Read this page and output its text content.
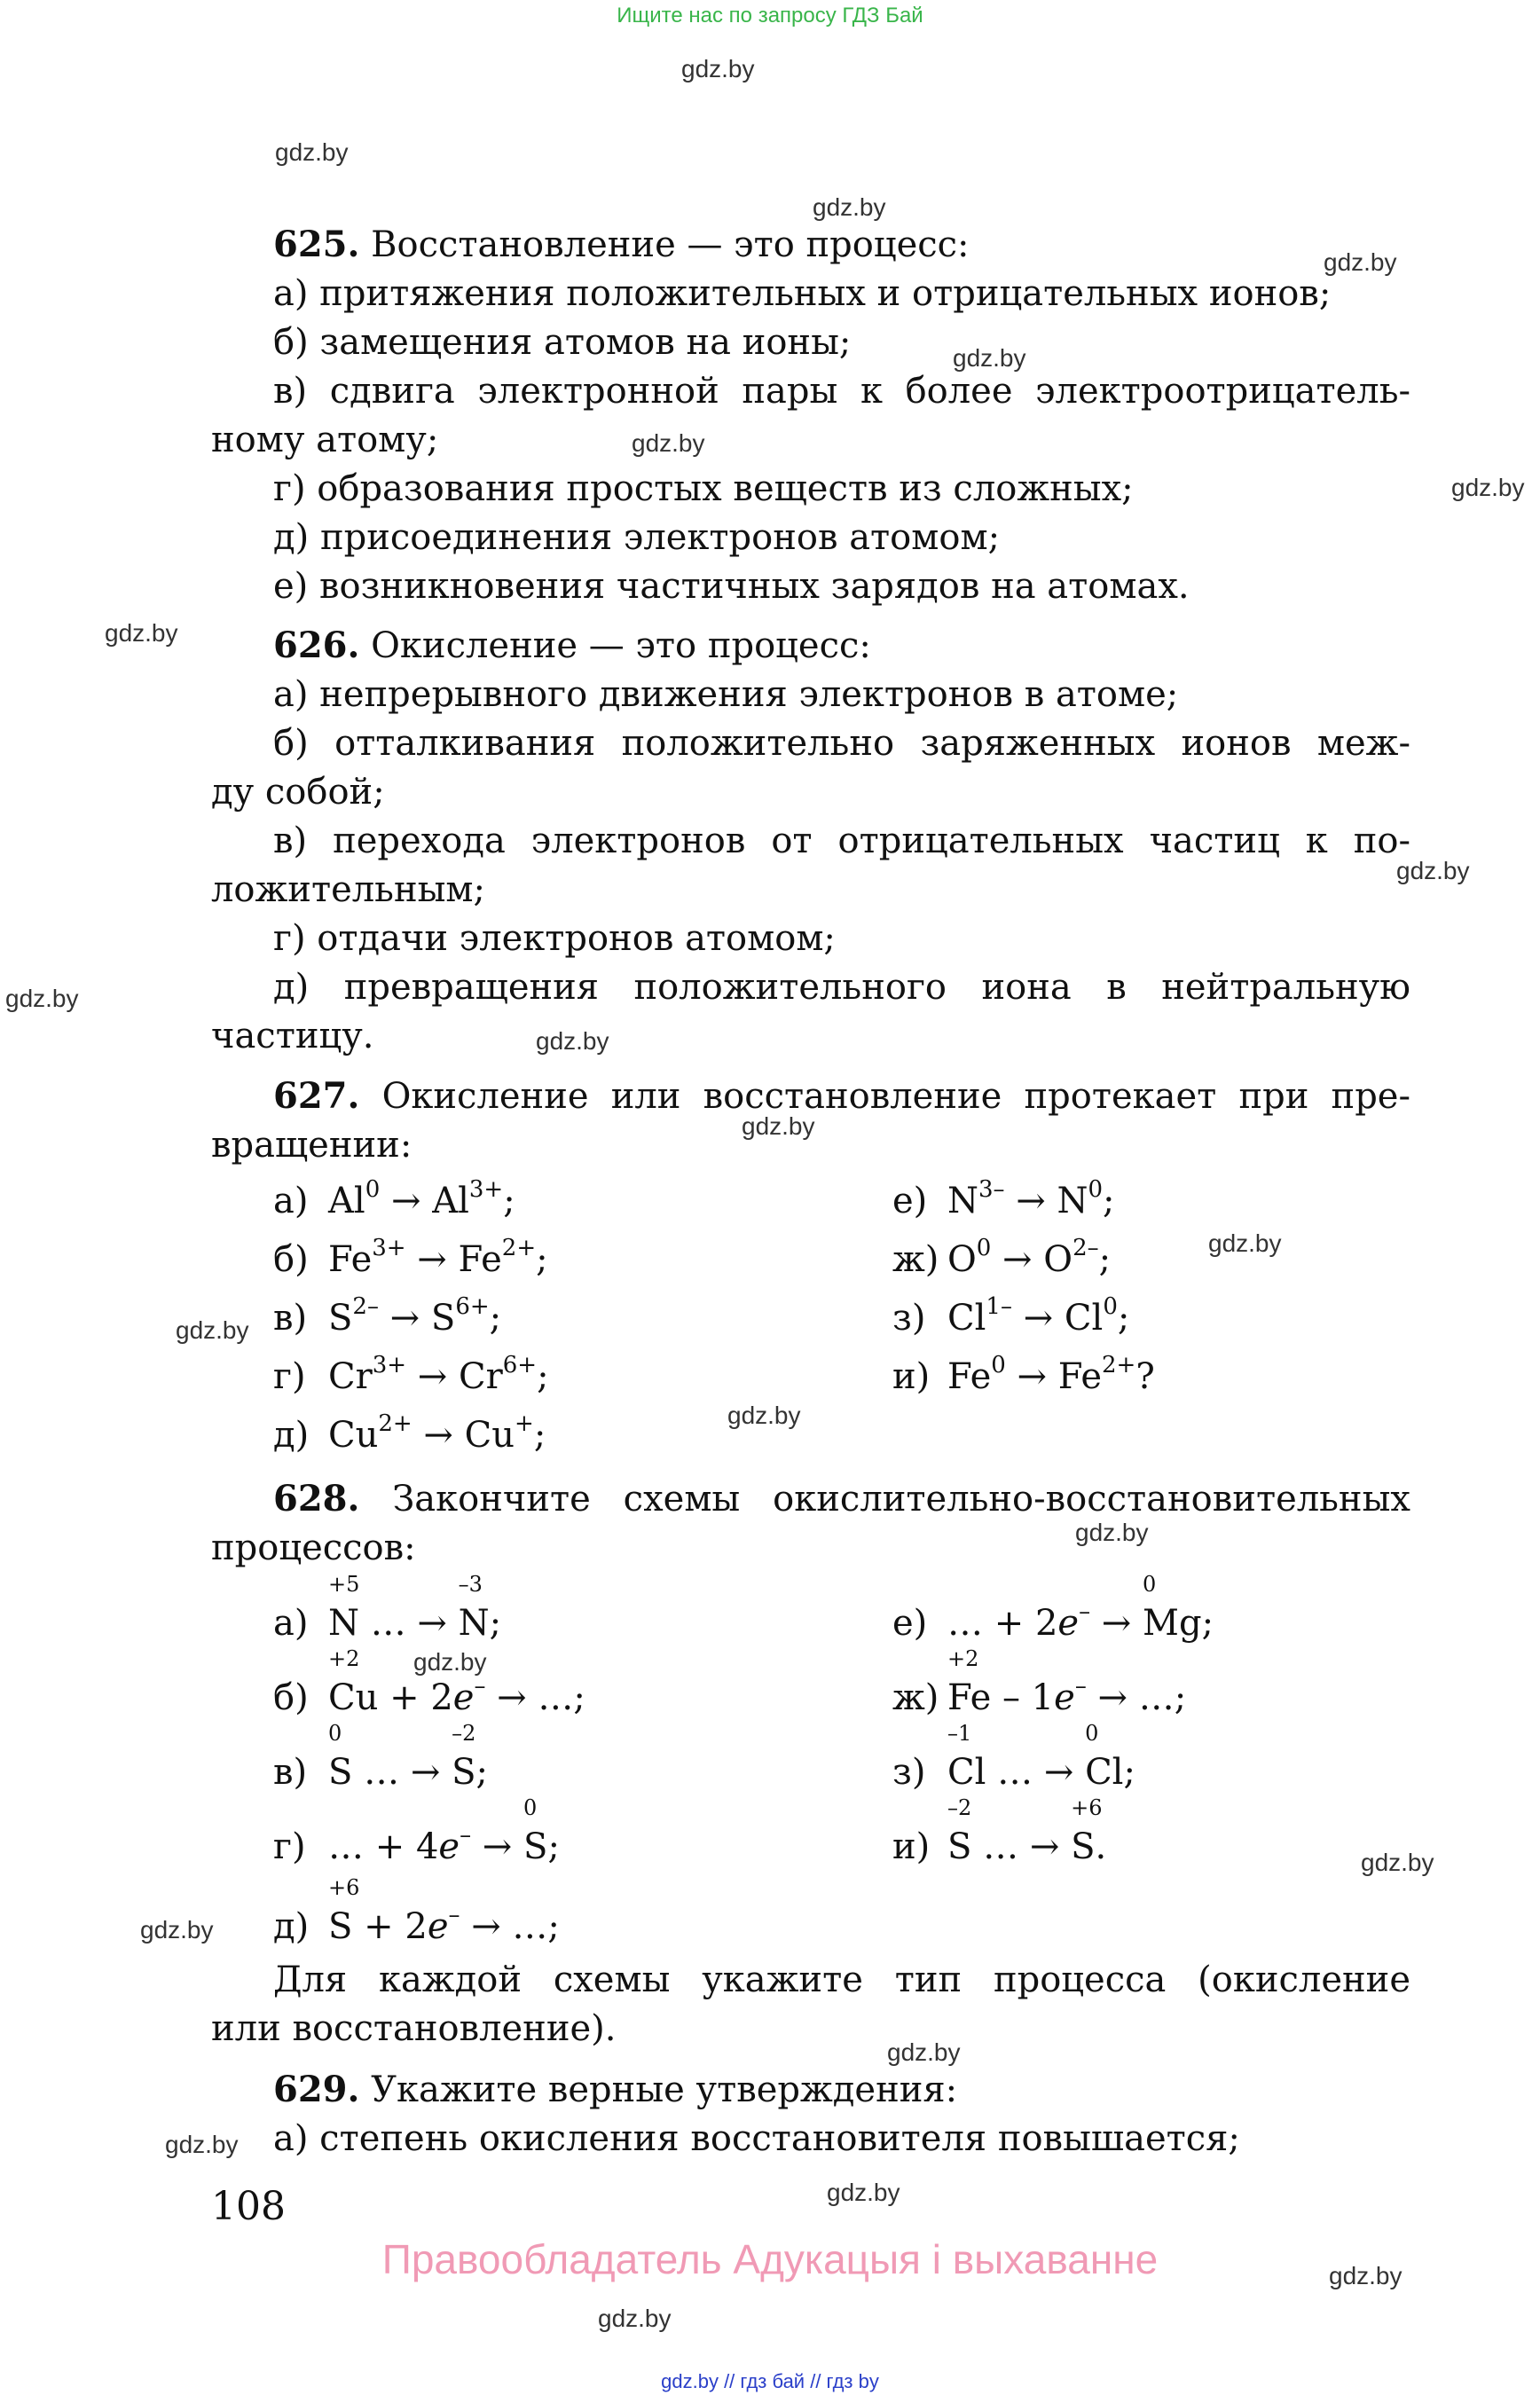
Ищите нас по запросу ГДЗ Бай
gdz.by
gdz.by
gdz.by
gdz.by
gdz.by
gdz.by
gdz.by
gdz.by
gdz.by
gdz.by
gdz.by
gdz.by
gdz.by
gdz.by
gdz.by
gdz.by
gdz.by
gdz.by
gdz.by
gdz.by
gdz.by
gdz.by
gdz.by
gdz.by
625. Восстановление — это процесс:
а) притяжения положительных и отрицательных ионов;
б) замещения атомов на ионы;
в) сдвига электронной пары к более электроотрицатель-
ному атому;
г) образования простых веществ из сложных;
д) присоединения электронов атомом;
е) возникновения частичных зарядов на атомах.
626. Окисление — это процесс:
а) непрерывного движения электронов в атоме;
б) отталкивания положительно заряженных ионов меж-
ду собой;
в) перехода электронов от отрицательных частиц к по-
ложительным;
г) отдачи электронов атомом;
д) превращения положительного иона в нейтральную
частицу.
627. Окисление или восстановление протекает при пре-
вращении:
а) $Al^0 \to Al^{3+}$;
б) $Fe^{3+} \to Fe^{2+}$;
в) $S^{2-} \to S^{6+}$;
г) $Cr^{3+} \to Cr^{6+}$;
д) $Cu^{2+} \to Cu^+$;
е) $N^{3-} \to N^0$;
ж) $O^0 \to O^{2-}$;
з) $Cl^{1-} \to Cl^0$;
и) $Fe^0 \to Fe^{2+}$?
628. Закончите схемы окислительно-восстановительных
процессов:
а)
+5
N … →
–3
N;
б)
+2
Cu + 2e– → …;
в)
0
S … →
–2
S;
г) … + 4e– →
0
S;
д)
+6
S + 2e– → …;
е) … + 2e– →
0
Mg;
ж)
+2
Fe – 1e– → …;
з)
–1
Cl … →
0
Cl;
и)
–2
S … →
+6
S.
Для каждой схемы укажите тип процесса (окисление
или восстановление).
629. Укажите верные утверждения:
а) степень окисления восстановителя повышается;
108
Правообладатель Адукацыя і выхаванне
gdz.by // гдз бай // гдз by
